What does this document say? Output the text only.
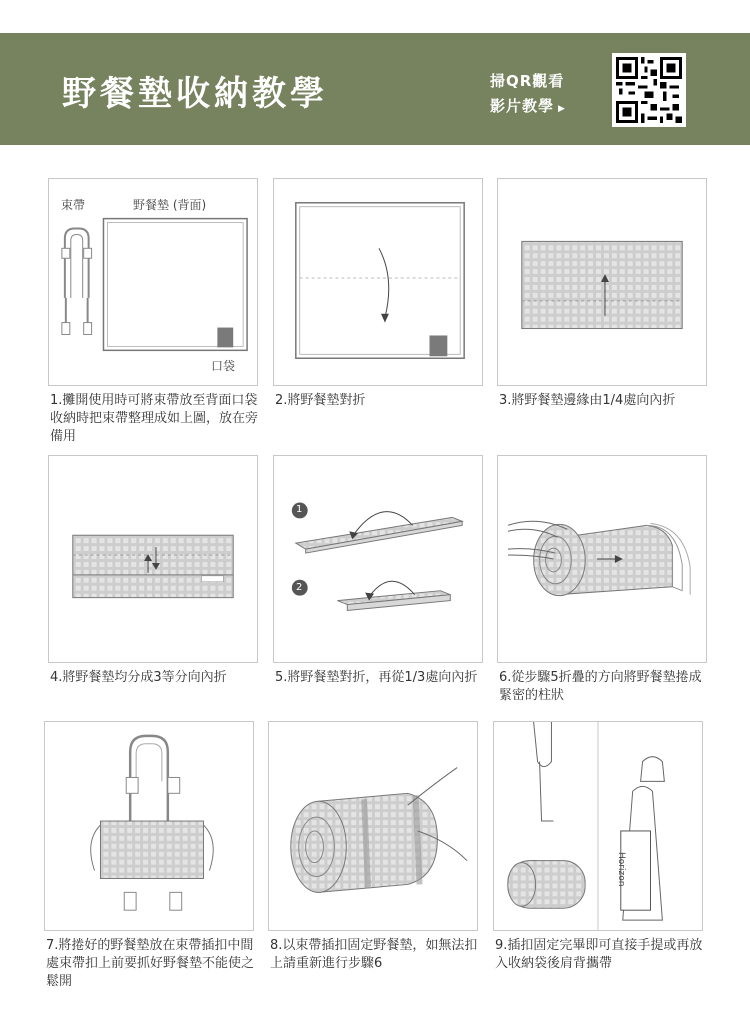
野餐墊收納教學	掃QR觀看
影片教學 ▶
束帶	野餐墊 (背面)
口袋
1.攤開使用時可將束帶放至背面口袋收納時把束帶整理成如上圖，放在旁備用
2.將野餐墊對折	3.將野餐墊邊緣由1/4處向內折
4.將野餐墊均分成3等分向內折
1
2
5.將野餐墊對折，再從1/3處向內折	6.從步驟5折疊的方向將野餐墊捲成緊密的柱狀
7.將捲好的野餐墊放在束帶插扣中間處束帶扣上前要抓好野餐墊不能使之鬆開
8.以束帶插扣固定野餐墊，如無法扣上請重新進行步驟6
Horizon
9.插扣固定完畢即可直接手提或再放入收納袋後肩背攜帶
